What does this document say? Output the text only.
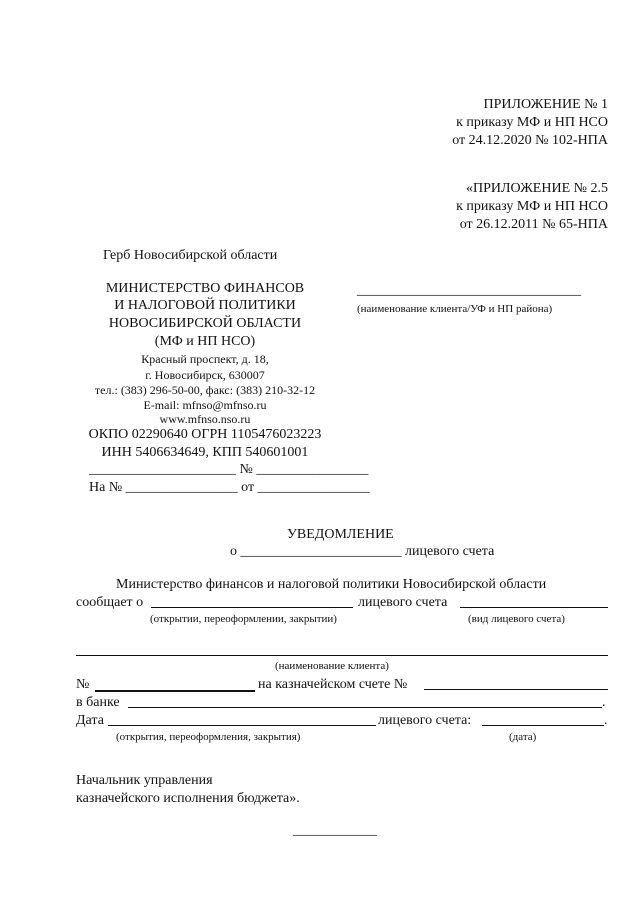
ПРИЛОЖЕНИЕ № 1
к приказу МФ и НП НСО
от 24.12.2020 № 102-НПА
«ПРИЛОЖЕНИЕ № 2.5
к приказу МФ и НП НСО
от 26.12.2011 № 65-НПА
Герб Новосибирской области
МИНИСТЕРСТВО ФИНАНСОВ
И НАЛОГОВОЙ ПОЛИТИКИ
НОВОСИБИРСКОЙ ОБЛАСТИ
(МФ и НП НСО)
Красный проспект, д. 18,
г. Новосибирск, 630007
тел.: (383) 296-50-00, факс: (383) 210-32-12
E-mail: mfnso@mfnso.ru
www.mfnso.nso.ru
ОКПО 02290640 ОГРН 1105476023223
ИНН 5406634649, КПП 540601001
_____________________ № ________________
На № ________________ от ________________
________________________________
(наименование клиента/УФ и НП района)
УВЕДОМЛЕНИЕ
о _______________________ лицевого счета
Министерство финансов и налоговой политики Новосибирской области
сообщает о	лицевого счета
(открытии, переоформлении, закрытии)	(вид лицевого счета)
(наименование клиента)
№	на казначейском счете №
в банке	.
Дата	лицевого счета:	.
(открытия, переоформления, закрытия)	(дата)
Начальник управления
казначейского исполнения бюджета».
____________
